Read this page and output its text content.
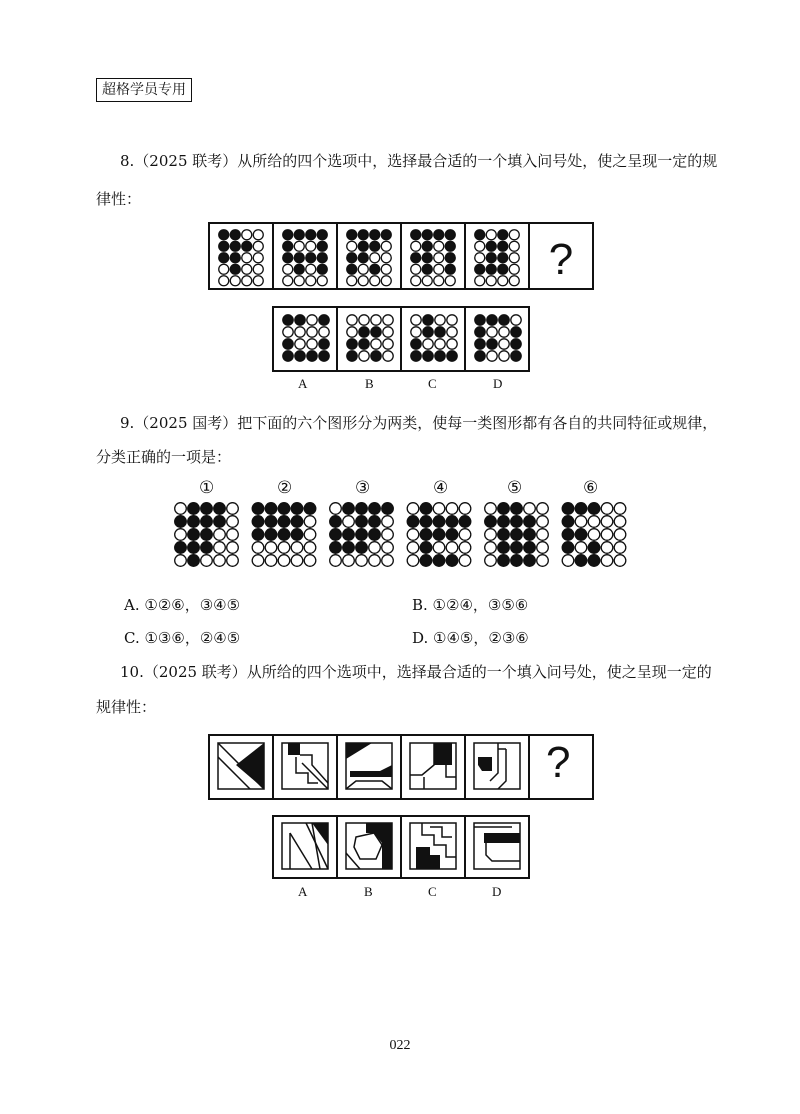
超格学员专用
8.（2025 联考）从所给的四个选项中，选择最合适的一个填入问号处，使之呈现一定的规
律性：
?
A	B	C	D
9.（2025 国考）把下面的六个图形分为两类，使每一类图形都有各自的共同特征或规律，
分类正确的一项是：
①	②	③	④	⑤	⑥
A. ①②⑥，③④⑤	B. ①②④，③⑤⑥
C. ①③⑥，②④⑤	D. ①④⑤，②③⑥
10.（2025 联考）从所给的四个选项中，选择最合适的一个填入问号处，使之呈现一定的
规律性：
?
A	B	C	D
022
